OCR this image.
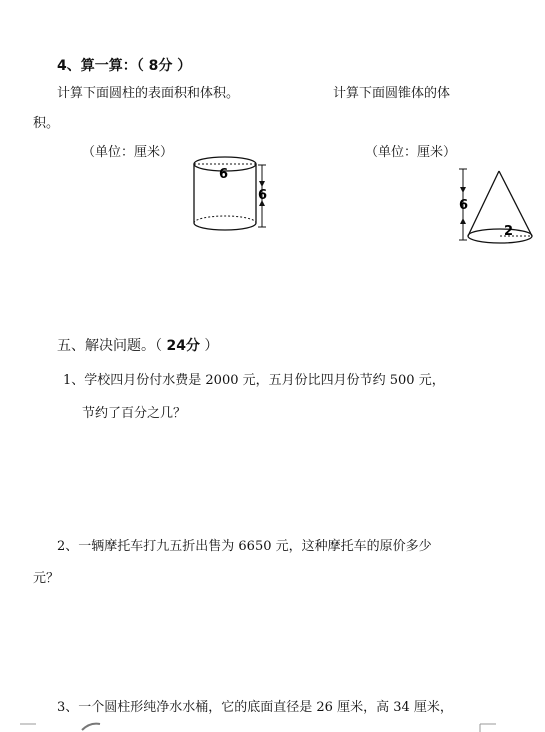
4、算一算：（ 8分 ）
计算下面圆柱的表面积和体积。	计算下面圆锥体的体
积。
（单位：厘米）	（单位：厘米）
6
6
6
2
五、解决问题。（ 24分 ）
1、学校四月份付水费是 2000 元，五月份比四月份节约 500 元，
节约了百分之几？
2、一辆摩托车打九五折出售为 6650 元，这种摩托车的原价多少
元？
3、一个圆柱形纯净水水桶，它的底面直径是 26 厘米，高 34 厘米，
